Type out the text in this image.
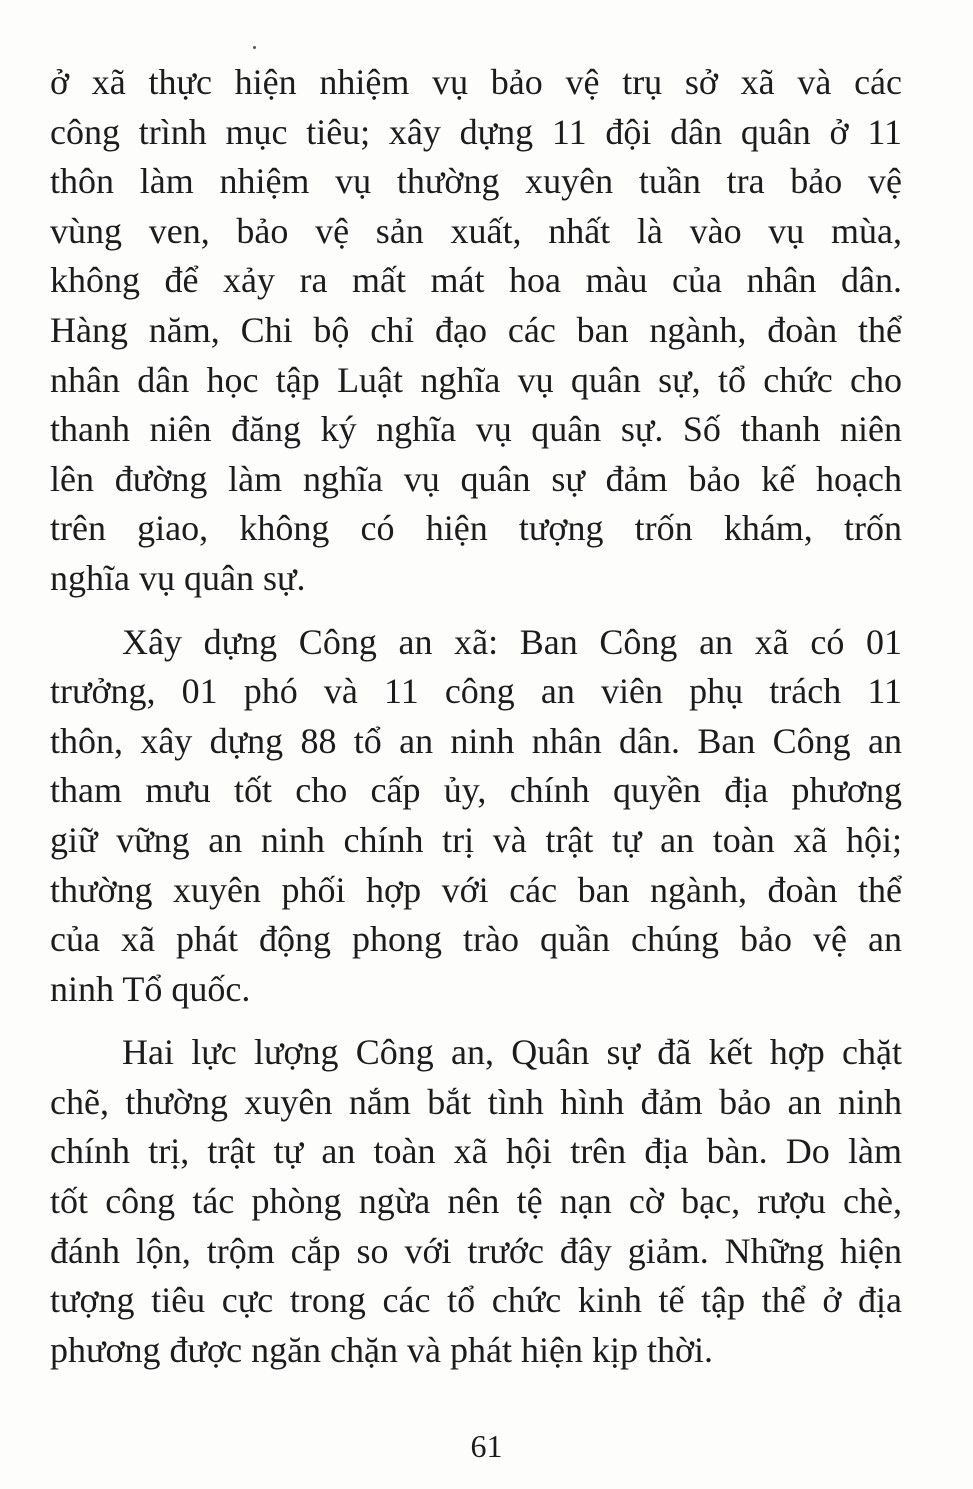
ở xã thực hiện nhiệm vụ bảo vệ trụ sở xã và các
công trình mục tiêu; xây dựng 11 đội dân quân ở 11
thôn làm nhiệm vụ thường xuyên tuần tra bảo vệ
vùng ven, bảo vệ sản xuất, nhất là vào vụ mùa,
không để xảy ra mất mát hoa màu của nhân dân.
Hàng năm, Chi bộ chỉ đạo các ban ngành, đoàn thể
nhân dân học tập Luật nghĩa vụ quân sự, tổ chức cho
thanh niên đăng ký nghĩa vụ quân sự. Số thanh niên
lên đường làm nghĩa vụ quân sự đảm bảo kế hoạch
trên giao, không có hiện tượng trốn khám, trốn
nghĩa vụ quân sự.
Xây dựng Công an xã: Ban Công an xã có 01
trưởng, 01 phó và 11 công an viên phụ trách 11
thôn, xây dựng 88 tổ an ninh nhân dân. Ban Công an
tham mưu tốt cho cấp ủy, chính quyền địa phương
giữ vững an ninh chính trị và trật tự an toàn xã hội;
thường xuyên phối hợp với các ban ngành, đoàn thể
của xã phát động phong trào quần chúng bảo vệ an
ninh Tổ quốc.
Hai lực lượng Công an, Quân sự đã kết hợp chặt
chẽ, thường xuyên nắm bắt tình hình đảm bảo an ninh
chính trị, trật tự an toàn xã hội trên địa bàn. Do làm
tốt công tác phòng ngừa nên tệ nạn cờ bạc, rượu chè,
đánh lộn, trộm cắp so với trước đây giảm. Những hiện
tượng tiêu cực trong các tổ chức kinh tế tập thể ở địa
phương được ngăn chặn và phát hiện kịp thời.
61
